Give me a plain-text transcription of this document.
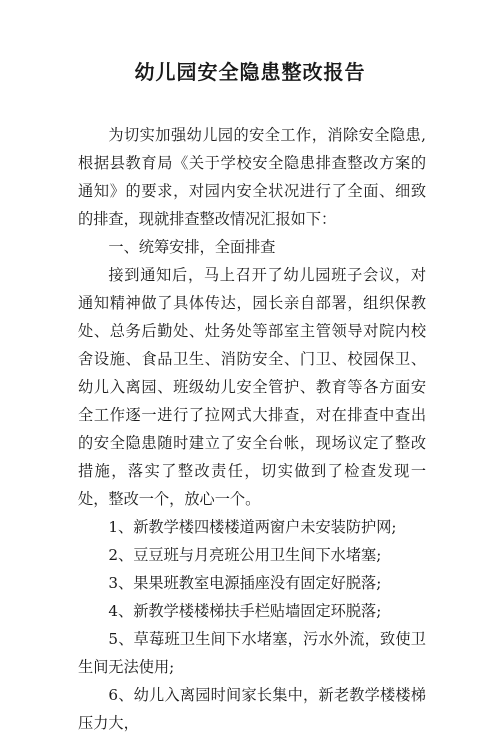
幼儿园安全隐患整改报告

为切实加强幼儿园的安全工作，消除安全隐患,根据县教育局《关于学校安全隐患排查整改方案的通知》的要求，对园内安全状况进行了全面、细致的排查，现就排查整改情况汇报如下：

一、统筹安排，全面排查

接到通知后，马上召开了幼儿园班子会议，对通知精神做了具体传达，园长亲自部署，组织保教处、总务后勤处、灶务处等部室主管领导对院内校舍设施、食品卫生、消防安全、门卫、校园保卫、幼儿入离园、班级幼儿安全管护、教育等各方面安全工作逐一进行了拉网式大排查，对在排查中查出的安全隐患随时建立了安全台帐，现场议定了整改措施，落实了整改责任，切实做到了检查发现一处，整改一个，放心一个。

1、新教学楼四楼楼道两窗户未安装防护网;

2、豆豆班与月亮班公用卫生间下水堵塞;

3、果果班教室电源插座没有固定好脱落;

4、新教学楼楼梯扶手栏贴墙固定环脱落;

5、草莓班卫生间下水堵塞，污水外流，致使卫生间无法使用;

6、幼儿入离园时间家长集中，新老教学楼楼梯压力大，
